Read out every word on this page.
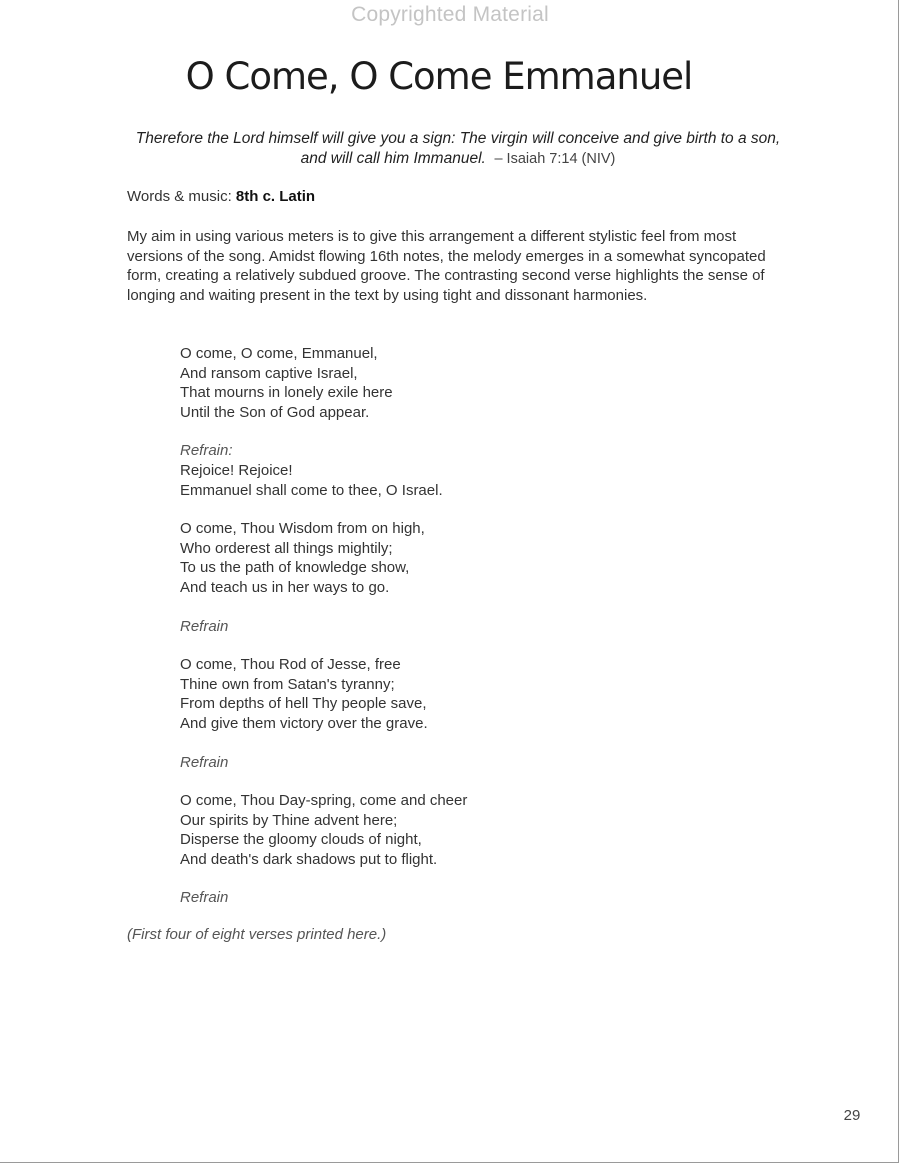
Copyrighted Material
O Come, O Come Emmanuel
Therefore the Lord himself will give you a sign: The virgin will conceive and give birth to a son, and will call him Immanuel. – Isaiah 7:14 (NIV)
Words & music: 8th c. Latin

My aim in using various meters is to give this arrangement a different stylistic feel from most versions of the song. Amidst flowing 16th notes, the melody emerges in a somewhat syncopated form, creating a relatively subdued groove. The contrasting second verse highlights the sense of longing and waiting present in the text by using tight and dissonant harmonies.

O come, O come, Emmanuel,
And ransom captive Israel,
That mourns in lonely exile here
Until the Son of God appear.
Refrain:
Rejoice! Rejoice!
Emmanuel shall come to thee, O Israel.
O come, Thou Wisdom from on high,
Who orderest all things mightily;
To us the path of knowledge show,
And teach us in her ways to go.
Refrain
O come, Thou Rod of Jesse, free
Thine own from Satan's tyranny;
From depths of hell Thy people save,
And give them victory over the grave.
Refrain
O come, Thou Day-spring, come and cheer
Our spirits by Thine advent here;
Disperse the gloomy clouds of night,
And death's dark shadows put to flight.
Refrain
(First four of eight verses printed here.)
29
